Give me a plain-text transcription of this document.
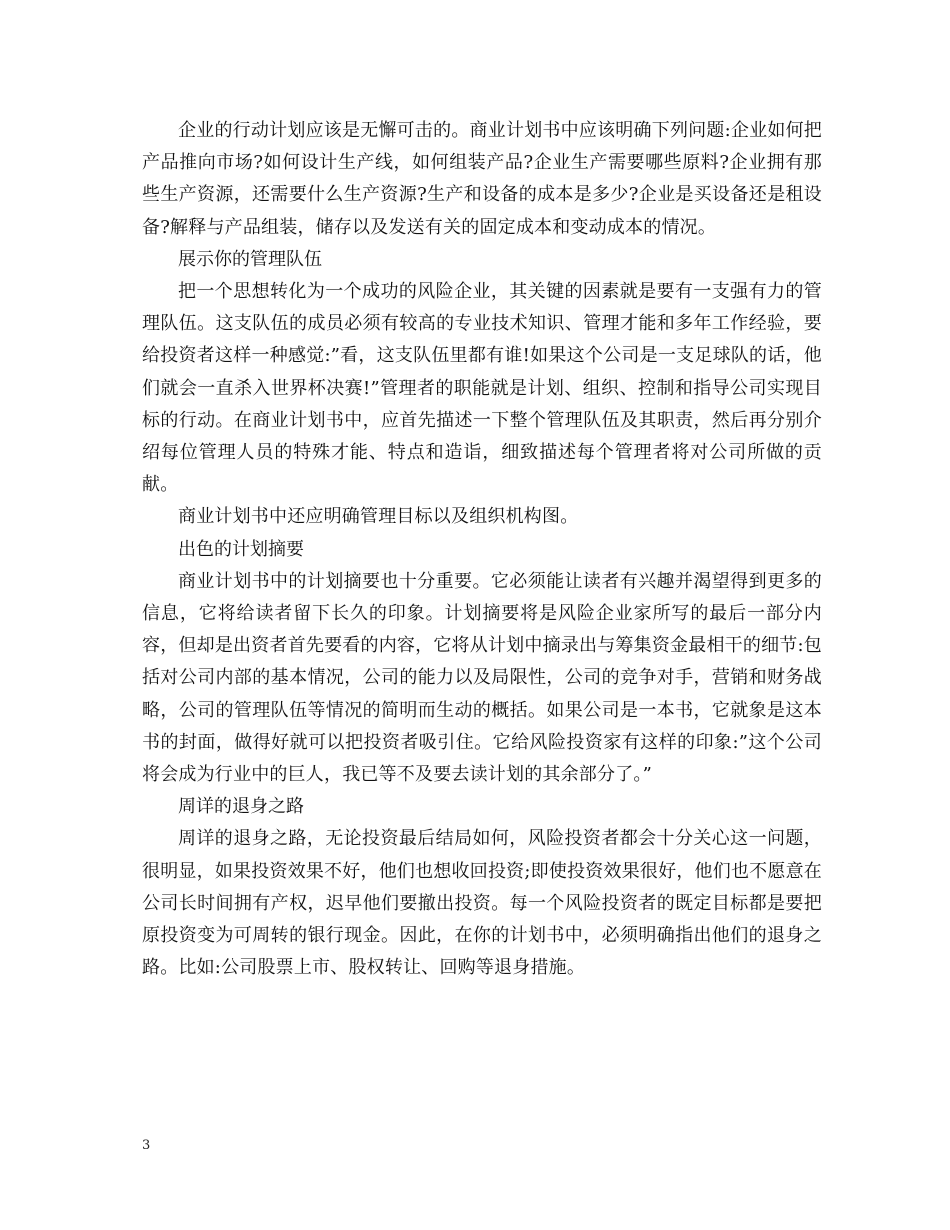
企业的行动计划应该是无懈可击的。商业计划书中应该明确下列问题:企业如何把产品推向市场?如何设计生产线，如何组装产品?企业生产需要哪些原料?企业拥有那些生产资源，还需要什么生产资源?生产和设备的成本是多少?企业是买设备还是租设备?解释与产品组装，储存以及发送有关的固定成本和变动成本的情况。

展示你的管理队伍

把一个思想转化为一个成功的风险企业，其关键的因素就是要有一支强有力的管理队伍。这支队伍的成员必须有较高的专业技术知识、管理才能和多年工作经验，要给投资者这样一种感觉:”看，这支队伍里都有谁!如果这个公司是一支足球队的话，他们就会一直杀入世界杯决赛!”管理者的职能就是计划、组织、控制和指导公司实现目标的行动。在商业计划书中，应首先描述一下整个管理队伍及其职责，然后再分别介绍每位管理人员的特殊才能、特点和造诣，细致描述每个管理者将对公司所做的贡献。

商业计划书中还应明确管理目标以及组织机构图。

出色的计划摘要

商业计划书中的计划摘要也十分重要。它必须能让读者有兴趣并渴望得到更多的信息，它将给读者留下长久的印象。计划摘要将是风险企业家所写的最后一部分内容，但却是出资者首先要看的内容，它将从计划中摘录出与筹集资金最相干的细节:包括对公司内部的基本情况，公司的能力以及局限性，公司的竞争对手，营销和财务战略，公司的管理队伍等情况的简明而生动的概括。如果公司是一本书，它就象是这本书的封面，做得好就可以把投资者吸引住。它给风险投资家有这样的印象:”这个公司将会成为行业中的巨人，我已等不及要去读计划的其余部分了。”

周详的退身之路

周详的退身之路，无论投资最后结局如何，风险投资者都会十分关心这一问题，很明显，如果投资效果不好，他们也想收回投资;即使投资效果很好，他们也不愿意在公司长时间拥有产权，迟早他们要撤出投资。每一个风险投资者的既定目标都是要把原投资变为可周转的银行现金。因此，在你的计划书中，必须明确指出他们的退身之路。比如:公司股票上市、股权转让、回购等退身措施。

3
